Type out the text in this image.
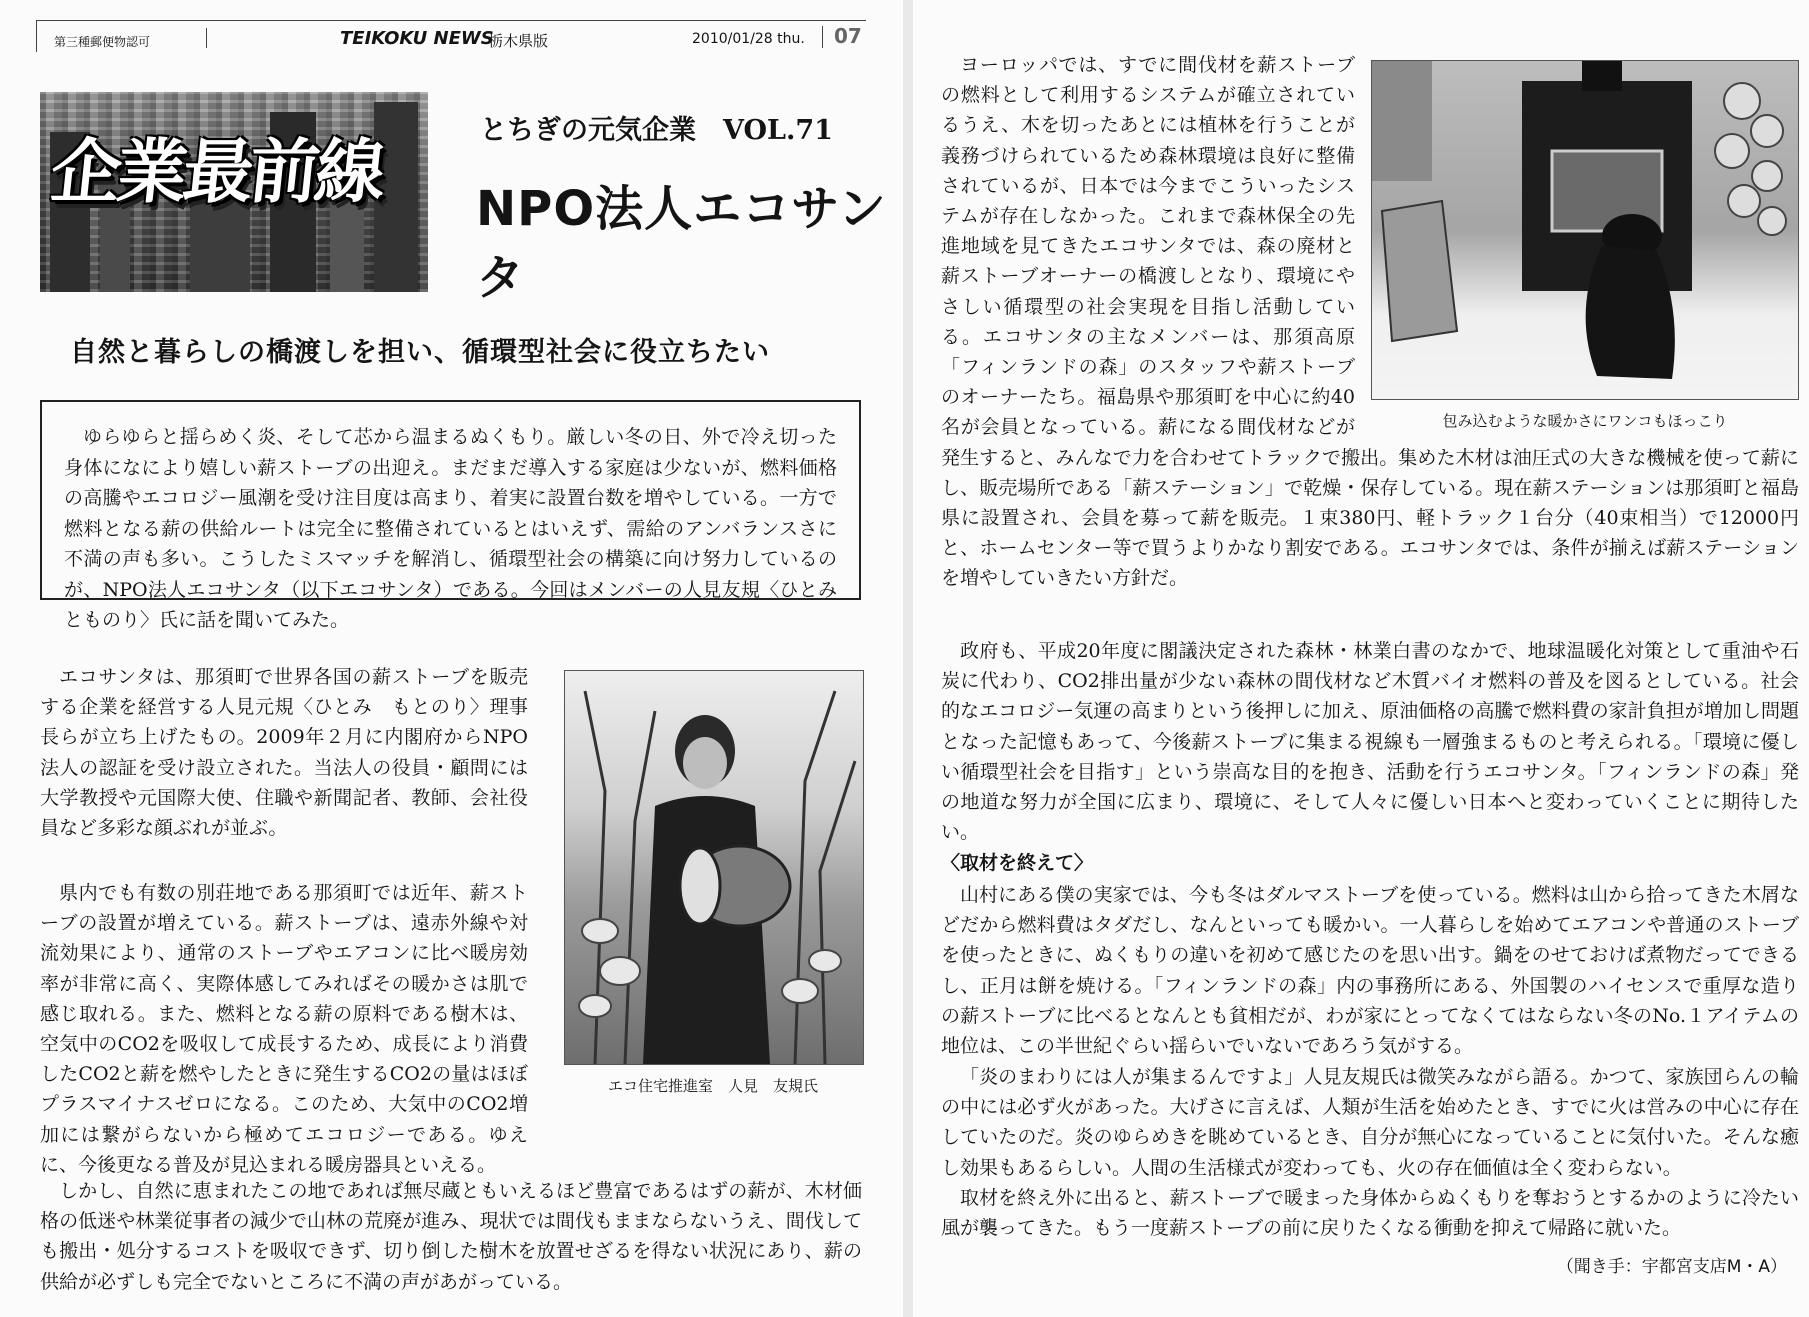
第三種郵便物認可	TEIKOKU NEWS
栃木県版	2010/01/28 thu. 07
企業最前線
とちぎの元気企業　VOL.71
NPO法人エコサンタ
自然と暮らしの橋渡しを担い、循環型社会に役立ちたい

ゆらゆらと揺らめく炎、そして芯から温まるぬくもり。厳しい冬の日、外で冷え切った身体になにより嬉しい薪ストーブの出迎え。まだまだ導入する家庭は少ないが、燃料価格の高騰やエコロジー風潮を受け注目度は高まり、着実に設置台数を増やしている。一方で燃料となる薪の供給ルートは完全に整備されているとはいえず、需給のアンバランスさに不満の声も多い。こうしたミスマッチを解消し、循環型社会の構築に向け努力しているのが、NPO法人エコサンタ（以下エコサンタ）である。今回はメンバーの人見友規〈ひとみ　とものり〉氏に話を聞いてみた。

エコサンタは、那須町で世界各国の薪ストーブを販売する企業を経営する人見元規〈ひとみ　もとのり〉理事長らが立ち上げたもの。2009年２月に内閣府からNPO法人の認証を受け設立された。当法人の役員・顧問には大学教授や元国際大使、住職や新聞記者、教師、会社役員など多彩な顔ぶれが並ぶ。

県内でも有数の別荘地である那須町では近年、薪ストーブの設置が増えている。薪ストーブは、遠赤外線や対流効果により、通常のストーブやエアコンに比べ暖房効率が非常に高く、実際体感してみればその暖かさは肌で感じ取れる。また、燃料となる薪の原料である樹木は、空気中のCO2を吸収して成長するため、成長により消費したCO2と薪を燃やしたときに発生するCO2の量はほぼプラスマイナスゼロになる。このため、大気中のCO2増加には繋がらないから極めてエコロジーである。ゆえに、今後更なる普及が見込まれる暖房器具といえる。

エコ住宅推進室　人見　友規氏

しかし、自然に恵まれたこの地であれば無尽蔵ともいえるほど豊富であるはずの薪が、木材価格の低迷や林業従事者の減少で山林の荒廃が進み、現状では間伐もままならないうえ、間伐しても搬出・処分するコストを吸収できず、切り倒した樹木を放置せざるを得ない状況にあり、薪の供給が必ずしも完全でないところに不満の声があがっている。

包み込むような暖かさにワンコもほっこり

ヨーロッパでは、すでに間伐材を薪ストーブの燃料として利用するシステムが確立されているうえ、木を切ったあとには植林を行うことが義務づけられているため森林環境は良好に整備されているが、日本では今までこういったシステムが存在しなかった。これまで森林保全の先進地域を見てきたエコサンタでは、森の廃材と薪ストーブオーナーの橋渡しとなり、環境にやさしい循環型の社会実現を目指し活動している。エコサンタの主なメンバーは、那須高原「フィンランドの森」のスタッフや薪ストーブのオーナーたち。福島県や那須町を中心に約40名が会員となっている。薪になる間伐材などが発生すると、みんなで力を合わせてトラックで搬出。集めた木材は油圧式の大きな機械を使って薪にし、販売場所である「薪ステーション」で乾燥・保存している。現在薪ステーションは那須町と福島県に設置され、会員を募って薪を販売。１束380円、軽トラック１台分（40束相当）で12000円と、ホームセンター等で買うよりかなり割安である。エコサンタでは、条件が揃えば薪ステーションを増やしていきたい方針だ。

政府も、平成20年度に閣議決定された森林・林業白書のなかで、地球温暖化対策として重油や石炭に代わり、CO2排出量が少ない森林の間伐材など木質バイオ燃料の普及を図るとしている。社会的なエコロジー気運の高まりという後押しに加え、原油価格の高騰で燃料費の家計負担が増加し問題となった記憶もあって、今後薪ストーブに集まる視線も一層強まるものと考えられる。「環境に優しい循環型社会を目指す」という崇高な目的を抱き、活動を行うエコサンタ。「フィンランドの森」発の地道な努力が全国に広まり、環境に、そして人々に優しい日本へと変わっていくことに期待したい。

〈取材を終えて〉

山村にある僕の実家では、今も冬はダルマストーブを使っている。燃料は山から拾ってきた木屑などだから燃料費はタダだし、なんといっても暖かい。一人暮らしを始めてエアコンや普通のストーブを使ったときに、ぬくもりの違いを初めて感じたのを思い出す。鍋をのせておけば煮物だってできるし、正月は餅を焼ける。「フィンランドの森」内の事務所にある、外国製のハイセンスで重厚な造りの薪ストーブに比べるとなんとも貧相だが、わが家にとってなくてはならない冬のNo.１アイテムの地位は、この半世紀ぐらい揺らいでいないであろう気がする。

「炎のまわりには人が集まるんですよ」人見友規氏は微笑みながら語る。かつて、家族団らんの輪の中には必ず火があった。大げさに言えば、人類が生活を始めたとき、すでに火は営みの中心に存在していたのだ。炎のゆらめきを眺めているとき、自分が無心になっていることに気付いた。そんな癒し効果もあるらしい。人間の生活様式が変わっても、火の存在価値は全く変わらない。

取材を終え外に出ると、薪ストーブで暖まった身体からぬくもりを奪おうとするかのように冷たい風が襲ってきた。もう一度薪ストーブの前に戻りたくなる衝動を抑えて帰路に就いた。

（聞き手：宇都宮支店M・A）
